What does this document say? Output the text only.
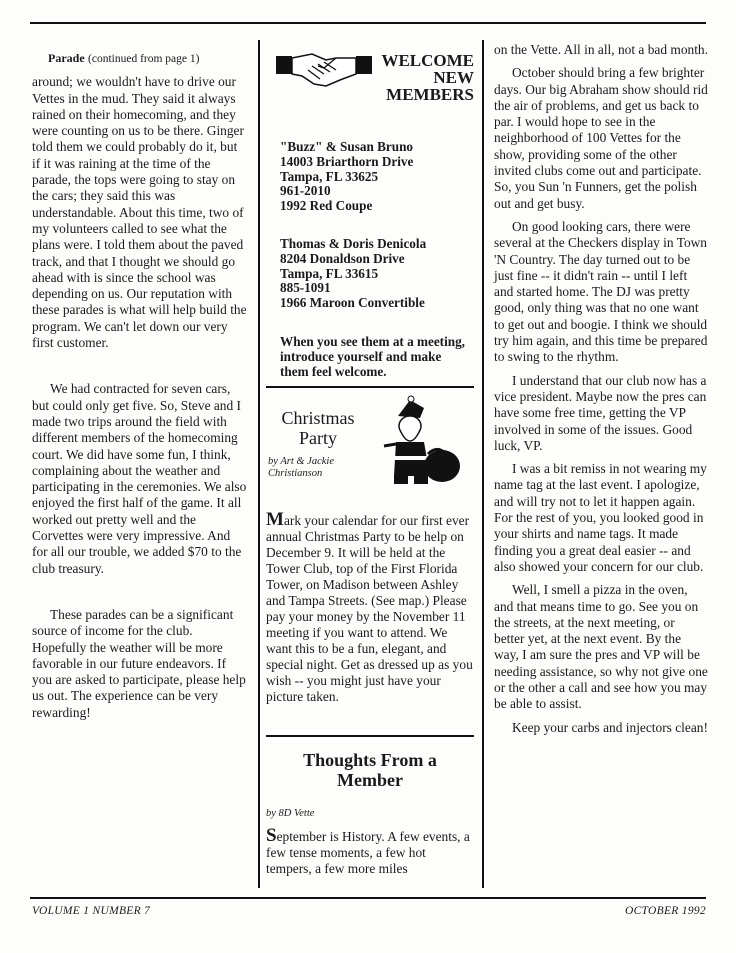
Parade (continued from page 1)

around; we wouldn't have to drive our Vettes in the mud. They said it always rained on their homecoming, and they were counting on us to be there. Ginger told them we could probably do it, but if it was raining at the time of the parade, the tops were going to stay on the cars; they said this was understandable. About this time, two of my volunteers called to see what the plans were. I told them about the paved track, and that I thought we should go ahead with is since the school was depending on us. Our reputation with these parades is what will help build the program. We can't let down our very first customer.

We had contracted for seven cars, but could only get five. So, Steve and I made two trips around the field with different members of the homecoming court. We did have some fun, I think, complaining about the weather and participating in the ceremonies. We also enjoyed the first half of the game. It all worked out pretty well and the Corvettes were very impressive. And for all our trouble, we added $70 to the club treasury.

These parades can be a significant source of income for the club. Hopefully the weather will be more favorable in our future endeavors. If you are asked to participate, please help us out. The experience can be very rewarding!

WELCOME
NEW
MEMBERS
"Buzz" & Susan Bruno
14003 Briarthorn Drive
Tampa, FL 33625
961-2010
1992 Red Coupe
Thomas & Doris Denicola
8204 Donaldson Drive
Tampa, FL 33615
885-1091
1966 Maroon Convertible
When you see them at a meeting, introduce yourself and make them feel welcome.
Christmas
Party
by Art & Jackie Christianson

Mark your calendar for our first ever annual Christmas Party to be help on December 9. It will be held at the Tower Club, top of the First Florida Tower, on Madison between Ashley and Tampa Streets. (See map.) Please pay your money by the November 11 meeting if you want to attend. We want this to be a fun, elegant, and special night. Get as dressed up as you wish -- you might just have your picture taken.

Thoughts From a
Member
by 8D Vette

September is History. A few events, a few tense moments, a few hot tempers, a few more miles

on the Vette. All in all, not a bad month.

October should bring a few brighter days. Our big Abraham show should rid the air of problems, and get us back to par. I would hope to see in the neighborhood of 100 Vettes for the show, providing some of the other invited clubs come out and participate. So, you Sun 'n Funners, get the polish out and get busy.

On good looking cars, there were several at the Checkers display in Town 'N Country. The day turned out to be just fine -- it didn't rain -- until I left and started home. The DJ was pretty good, only thing was that no one want to get out and boogie. I think we should try him again, and this time be prepared to swing to the rhythm.

I understand that our club now has a vice president. Maybe now the pres can have some free time, getting the VP involved in some of the issues. Good luck, VP.

I was a bit remiss in not wearing my name tag at the last event. I apologize, and will try not to let it happen again. For the rest of you, you looked good in your shirts and name tags. It made finding you a great deal easier -- and also showed your concern for our club.

Well, I smell a pizza in the oven, and that means time to go. See you on the streets, at the next meeting, or better yet, at the next event. By the way, I am sure the pres and VP will be needing assistance, so why not give one or the other a call and see how you may be able to assist.

Keep your carbs and injectors clean!

VOLUME 1 NUMBER 7	OCTOBER 1992
